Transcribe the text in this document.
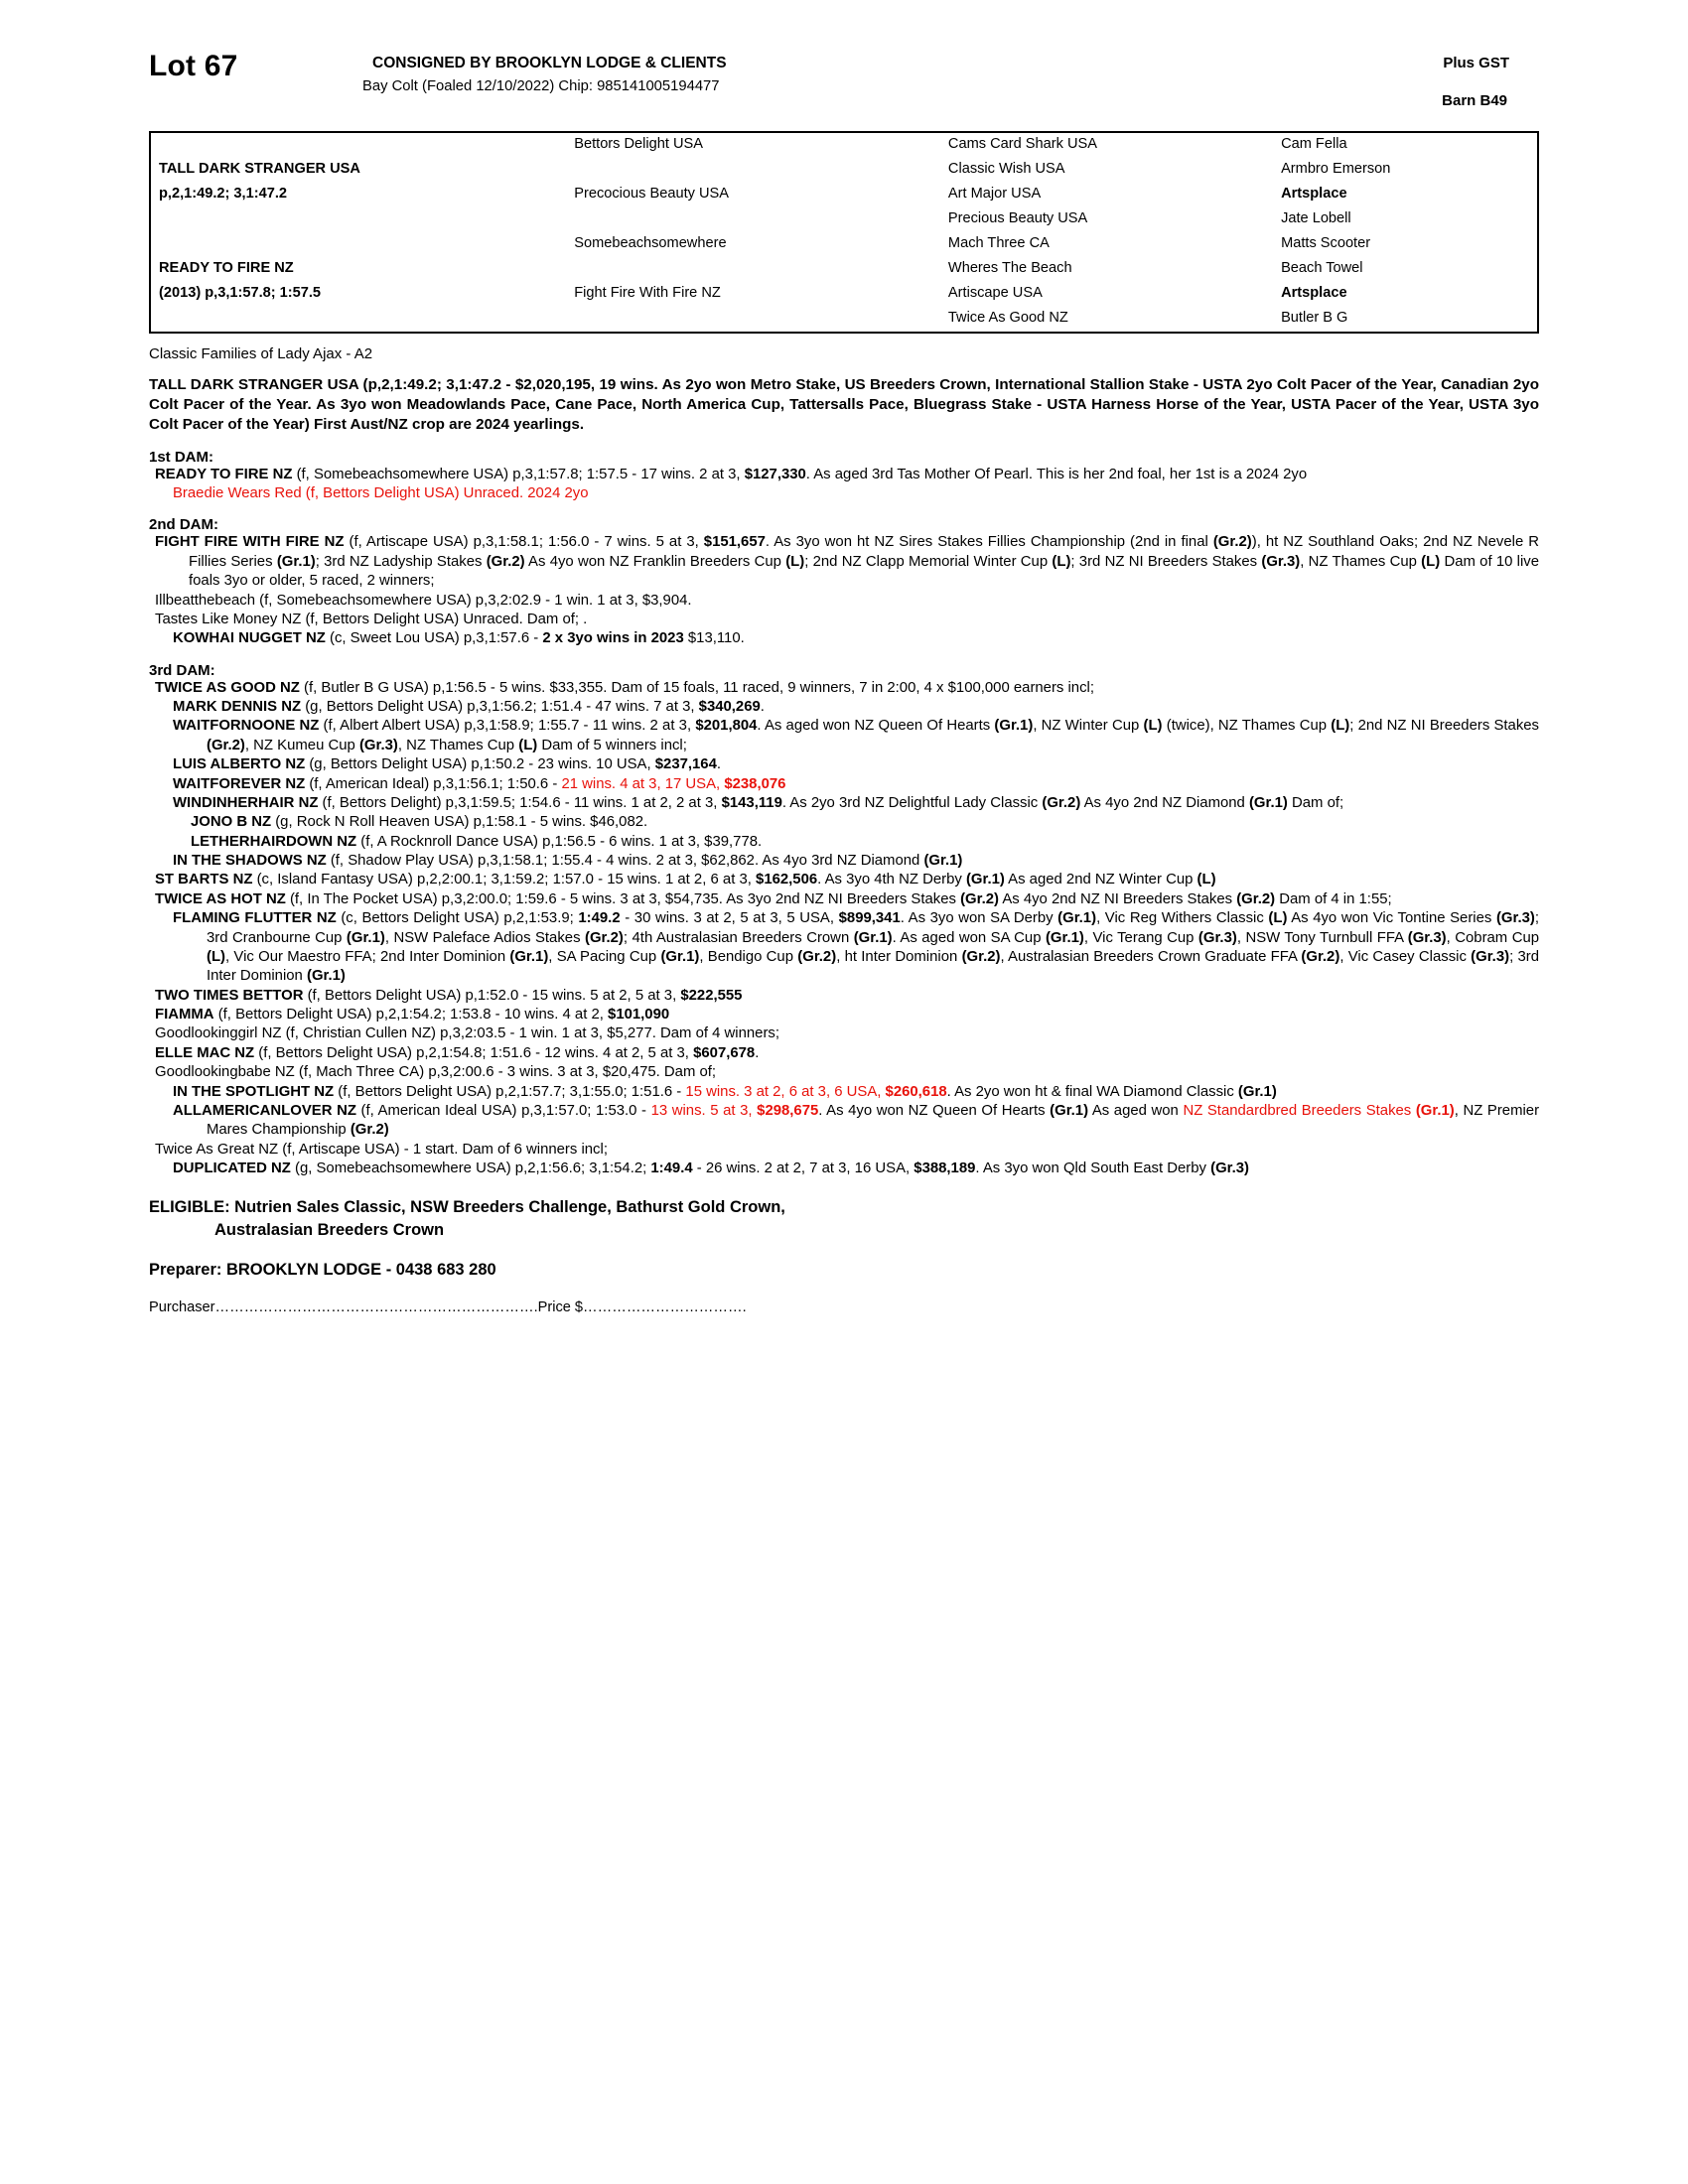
Lot 67	CONSIGNED BY BROOKLYN LODGE & CLIENTS
Bay Colt (Foaled 12/10/2022) Chip: 985141005194477
Plus GST
Barn B49
	Bettors Delight USA	Cams Card Shark USA	Cam Fella
TALL DARK STRANGER USA		Classic Wish USA	Armbro Emerson
p,2,1:49.2; 3,1:47.2	Precocious Beauty USA	Art Major USA	Artsplace
		Precious Beauty USA	Jate Lobell
	Somebeachsomewhere	Mach Three CA	Matts Scooter
READY TO FIRE NZ		Wheres The Beach	Beach Towel
(2013) p,3,1:57.8; 1:57.5	Fight Fire With Fire NZ	Artiscape USA	Artsplace
		Twice As Good NZ	Butler B G
Classic Families of Lady Ajax - A2
TALL DARK STRANGER USA (p,2,1:49.2; 3,1:47.2 - $2,020,195, 19 wins. As 2yo won Metro Stake, US Breeders Crown, International Stallion Stake - USTA 2yo Colt Pacer of the Year, Canadian 2yo Colt Pacer of the Year. As 3yo won Meadowlands Pace, Cane Pace, North America Cup, Tattersalls Pace, Bluegrass Stake - USTA Harness Horse of the Year, USTA Pacer of the Year, USTA 3yo Colt Pacer of the Year) First Aust/NZ crop are 2024 yearlings.
1st DAM:
READY TO FIRE NZ (f, Somebeachsomewhere USA) p,3,1:57.8; 1:57.5 - 17 wins. 2 at 3, $127,330. As aged 3rd Tas Mother Of Pearl. This is her 2nd foal, her 1st is a 2024 2yo
Braedie Wears Red (f, Bettors Delight USA) Unraced. 2024 2yo
2nd DAM:
FIGHT FIRE WITH FIRE NZ (f, Artiscape USA) p,3,1:58.1; 1:56.0 - 7 wins. 5 at 3, $151,657. As 3yo won ht NZ Sires Stakes Fillies Championship (2nd in final (Gr.2)), ht NZ Southland Oaks; 2nd NZ Nevele R Fillies Series (Gr.1); 3rd NZ Ladyship Stakes (Gr.2) As 4yo won NZ Franklin Breeders Cup (L); 2nd NZ Clapp Memorial Winter Cup (L); 3rd NZ NI Breeders Stakes (Gr.3), NZ Thames Cup (L) Dam of 10 live foals 3yo or older, 5 raced, 2 winners;
Illbeatthebeach (f, Somebeachsomewhere USA) p,3,2:02.9 - 1 win. 1 at 3, $3,904.
Tastes Like Money NZ (f, Bettors Delight USA) Unraced. Dam of; .
KOWHAI NUGGET NZ (c, Sweet Lou USA) p,3,1:57.6 - 2 x 3yo wins in 2023 $13,110.
3rd DAM:
TWICE AS GOOD NZ (f, Butler B G USA) p,1:56.5 - 5 wins. $33,355. Dam of 15 foals, 11 raced, 9 winners, 7 in 2:00, 4 x $100,000 earners incl;
MARK DENNIS NZ (g, Bettors Delight USA) p,3,1:56.2; 1:51.4 - 47 wins. 7 at 3, $340,269.
WAITFORNOONE NZ (f, Albert Albert USA) p,3,1:58.9; 1:55.7 - 11 wins. 2 at 3, $201,804. As aged won NZ Queen Of Hearts (Gr.1), NZ Winter Cup (L) (twice), NZ Thames Cup (L); 2nd NZ NI Breeders Stakes (Gr.2), NZ Kumeu Cup (Gr.3), NZ Thames Cup (L) Dam of 5 winners incl;
LUIS ALBERTO NZ (g, Bettors Delight USA) p,1:50.2 - 23 wins. 10 USA, $237,164.
WAITFOREVER NZ (f, American Ideal) p,3,1:56.1; 1:50.6 - 21 wins. 4 at 3, 17 USA, $238,076
WINDINHERHAIR NZ (f, Bettors Delight) p,3,1:59.5; 1:54.6 - 11 wins. 1 at 2, 2 at 3, $143,119. As 2yo 3rd NZ Delightful Lady Classic (Gr.2) As 4yo 2nd NZ Diamond (Gr.1) Dam of;
JONO B NZ (g, Rock N Roll Heaven USA) p,1:58.1 - 5 wins. $46,082.
LETHERHAIRDOWN NZ (f, A Rocknroll Dance USA) p,1:56.5 - 6 wins. 1 at 3, $39,778.
IN THE SHADOWS NZ (f, Shadow Play USA) p,3,1:58.1; 1:55.4 - 4 wins. 2 at 3, $62,862. As 4yo 3rd NZ Diamond (Gr.1)
ST BARTS NZ (c, Island Fantasy USA) p,2,2:00.1; 3,1:59.2; 1:57.0 - 15 wins. 1 at 2, 6 at 3, $162,506. As 3yo 4th NZ Derby (Gr.1) As aged 2nd NZ Winter Cup (L)
TWICE AS HOT NZ (f, In The Pocket USA) p,3,2:00.0; 1:59.6 - 5 wins. 3 at 3, $54,735. As 3yo 2nd NZ NI Breeders Stakes (Gr.2) As 4yo 2nd NZ NI Breeders Stakes (Gr.2) Dam of 4 in 1:55;
FLAMING FLUTTER NZ (c, Bettors Delight USA) p,2,1:53.9; 1:49.2 - 30 wins. 3 at 2, 5 at 3, 5 USA, $899,341. As 3yo won SA Derby (Gr.1), Vic Reg Withers Classic (L) As 4yo won Vic Tontine Series (Gr.3); 3rd Cranbourne Cup (Gr.1), NSW Paleface Adios Stakes (Gr.2); 4th Australasian Breeders Crown (Gr.1). As aged won SA Cup (Gr.1), Vic Terang Cup (Gr.3), NSW Tony Turnbull FFA (Gr.3), Cobram Cup (L), Vic Our Maestro FFA; 2nd Inter Dominion (Gr.1), SA Pacing Cup (Gr.1), Bendigo Cup (Gr.2), ht Inter Dominion (Gr.2), Australasian Breeders Crown Graduate FFA (Gr.2), Vic Casey Classic (Gr.3); 3rd Inter Dominion (Gr.1)
TWO TIMES BETTOR (f, Bettors Delight USA) p,1:52.0 - 15 wins. 5 at 2, 5 at 3, $222,555
FIAMMA (f, Bettors Delight USA) p,2,1:54.2; 1:53.8 - 10 wins. 4 at 2, $101,090
Goodlookinggirl NZ (f, Christian Cullen NZ) p,3,2:03.5 - 1 win. 1 at 3, $5,277. Dam of 4 winners;
ELLE MAC NZ (f, Bettors Delight USA) p,2,1:54.8; 1:51.6 - 12 wins. 4 at 2, 5 at 3, $607,678.
Goodlookingbabe NZ (f, Mach Three CA) p,3,2:00.6 - 3 wins. 3 at 3, $20,475. Dam of;
IN THE SPOTLIGHT NZ (f, Bettors Delight USA) p,2,1:57.7; 3,1:55.0; 1:51.6 - 15 wins. 3 at 2, 6 at 3, 6 USA, $260,618. As 2yo won ht & final WA Diamond Classic (Gr.1)
ALLAMERICANLOVER NZ (f, American Ideal USA) p,3,1:57.0; 1:53.0 - 13 wins. 5 at 3, $298,675. As 4yo won NZ Queen Of Hearts (Gr.1) As aged won NZ Standardbred Breeders Stakes (Gr.1), NZ Premier Mares Championship (Gr.2)
Twice As Great NZ (f, Artiscape USA) - 1 start. Dam of 6 winners incl;
DUPLICATED NZ (g, Somebeachsomewhere USA) p,2,1:56.6; 3,1:54.2; 1:49.4 - 26 wins. 2 at 2, 7 at 3, 16 USA, $388,189. As 3yo won Qld South East Derby (Gr.3)
ELIGIBLE: Nutrien Sales Classic, NSW Breeders Challenge, Bathurst Gold Crown,
Australasian Breeders Crown
Preparer: BROOKLYN LODGE - 0438 683 280
Purchaser………………………………………………………….Price $…………………………….
